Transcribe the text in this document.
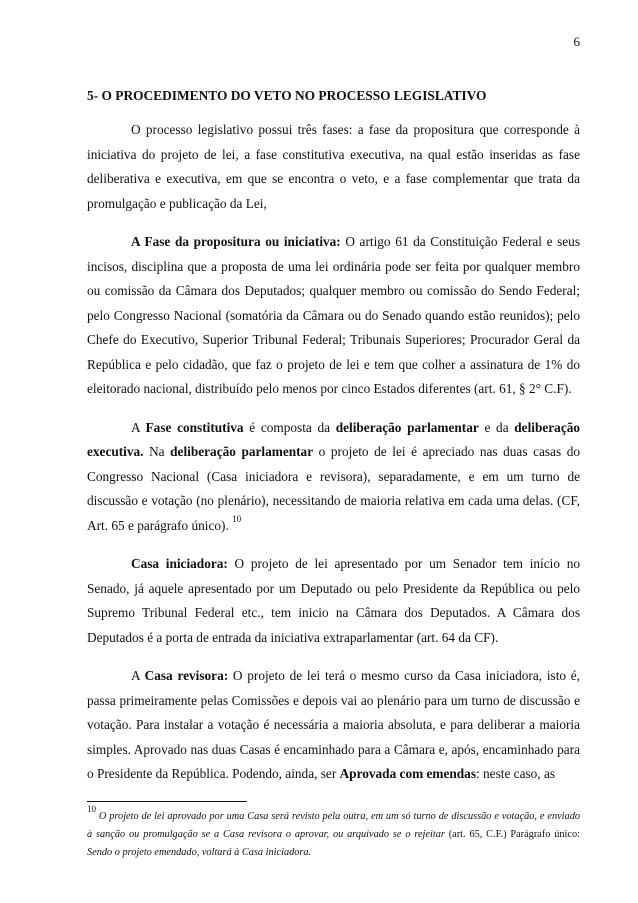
6
5- O PROCEDIMENTO DO VETO NO PROCESSO LEGISLATIVO

O processo legislativo possui três fases: a fase da propositura que corresponde à iniciativa do projeto de lei, a fase constitutiva executiva, na qual estão inseridas as fase deliberativa e executiva, em que se encontra o veto, e a fase complementar que trata da promulgação e publicação da Lei,

A Fase da propositura ou iniciativa: O artigo 61 da Constituição Federal e seus incisos, disciplina que a proposta de uma lei ordinária pode ser feita por qualquer membro ou comissão da Câmara dos Deputados; qualquer membro ou comissão do Sendo Federal; pelo Congresso Nacional (somatória da Câmara ou do Senado quando estão reunidos); pelo Chefe do Executivo, Superior Tribunal Federal; Tribunais Superiores; Procurador Geral da República e pelo cidadão, que faz o projeto de lei e tem que colher a assinatura de 1% do eleitorado nacional, distribuído pelo menos por cinco Estados diferentes (art. 61, § 2° C.F).

A Fase constitutiva é composta da deliberação parlamentar e da deliberação executiva. Na deliberação parlamentar o projeto de lei é apreciado nas duas casas do Congresso Nacional (Casa iniciadora e revisora), separadamente, e em um turno de discussão e votação (no plenário), necessitando de maioria relativa em cada uma delas. (CF, Art. 65 e parágrafo único). $^{10}$

Casa iniciadora: O projeto de lei apresentado por um Senador tem início no Senado, já aquele apresentado por um Deputado ou pelo Presidente da República ou pelo Supremo Tribunal Federal etc., tem inicio na Câmara dos Deputados. A Câmara dos Deputados é a porta de entrada da iniciativa extraparlamentar (art. 64 da CF).

A Casa revisora: O projeto de lei terá o mesmo curso da Casa iniciadora, isto é, passa primeiramente pelas Comissões e depois vai ao plenário para um turno de discussão e votação. Para instalar a votação é necessária a maioria absoluta, e para deliberar a maioria simples. Aprovado nas duas Casas é encaminhado para a Câmara e, após, encaminhado para o Presidente da República. Podendo, ainda, ser Aprovada com emendas: neste caso, as

$^{10}$ O projeto de lei aprovado por uma Casa será revisto pela outra, em um só turno de discussão e votação, e enviado à sanção ou promulgação se a Casa revisora o aprovar, ou arquivado se o rejeitar (art. 65, C.F.) Parágrafo único: Sendo o projeto emendado, voltará à Casa iniciadora.
